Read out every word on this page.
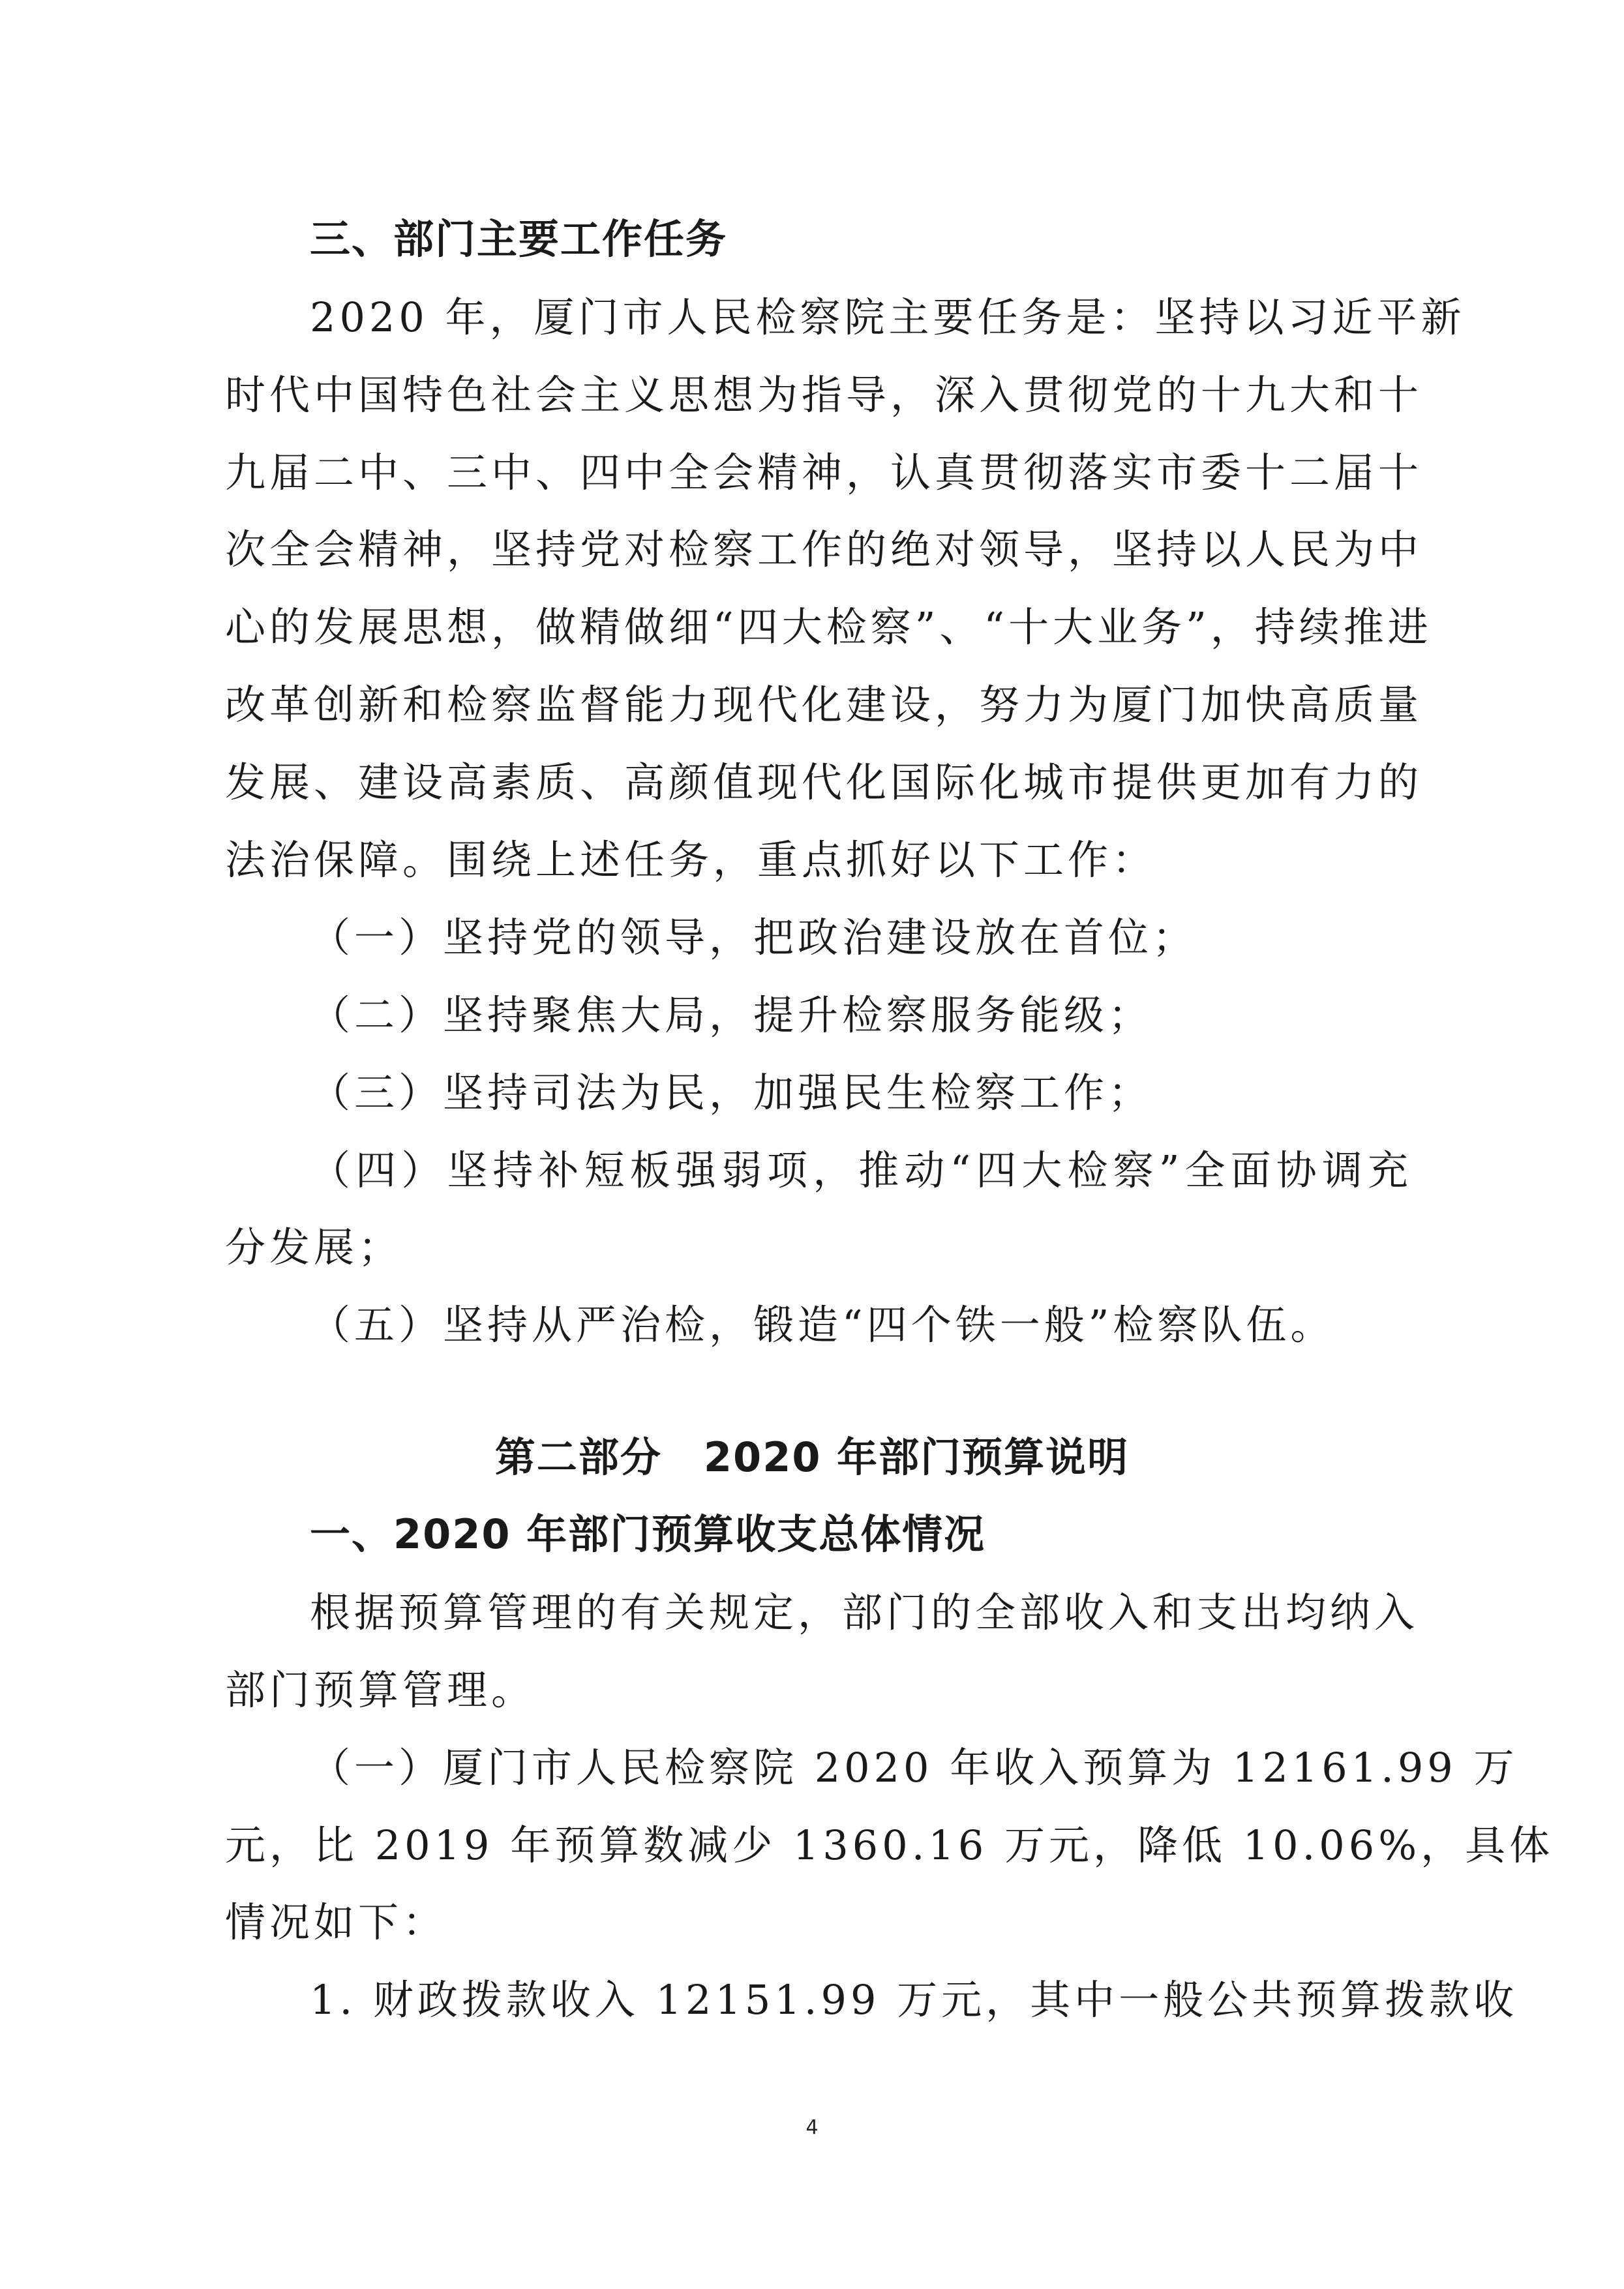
三、部门主要工作任务
2020 年，厦门市人民检察院主要任务是：坚持以习近平新
时代中国特色社会主义思想为指导，深入贯彻党的十九大和十
九届二中、三中、四中全会精神，认真贯彻落实市委十二届十
次全会精神，坚持党对检察工作的绝对领导，坚持以人民为中
心的发展思想，做精做细“四大检察”、“十大业务”，持续推进
改革创新和检察监督能力现代化建设，努力为厦门加快高质量
发展、建设高素质、高颜值现代化国际化城市提供更加有力的
法治保障。围绕上述任务，重点抓好以下工作：
（一）坚持党的领导，把政治建设放在首位；
（二）坚持聚焦大局，提升检察服务能级；
（三）坚持司法为民，加强民生检察工作；
（四）坚持补短板强弱项，推动“四大检察”全面协调充
分发展；
（五）坚持从严治检，锻造“四个铁一般”检察队伍。
第二部分　2020 年部门预算说明
一、2020 年部门预算收支总体情况
根据预算管理的有关规定，部门的全部收入和支出均纳入
部门预算管理。
（一）厦门市人民检察院 2020 年收入预算为 12161.99 万
元，比 2019 年预算数减少 1360.16 万元，降低 10.06%，具体
情况如下：
1. 财政拨款收入 12151.99 万元，其中一般公共预算拨款收
4
